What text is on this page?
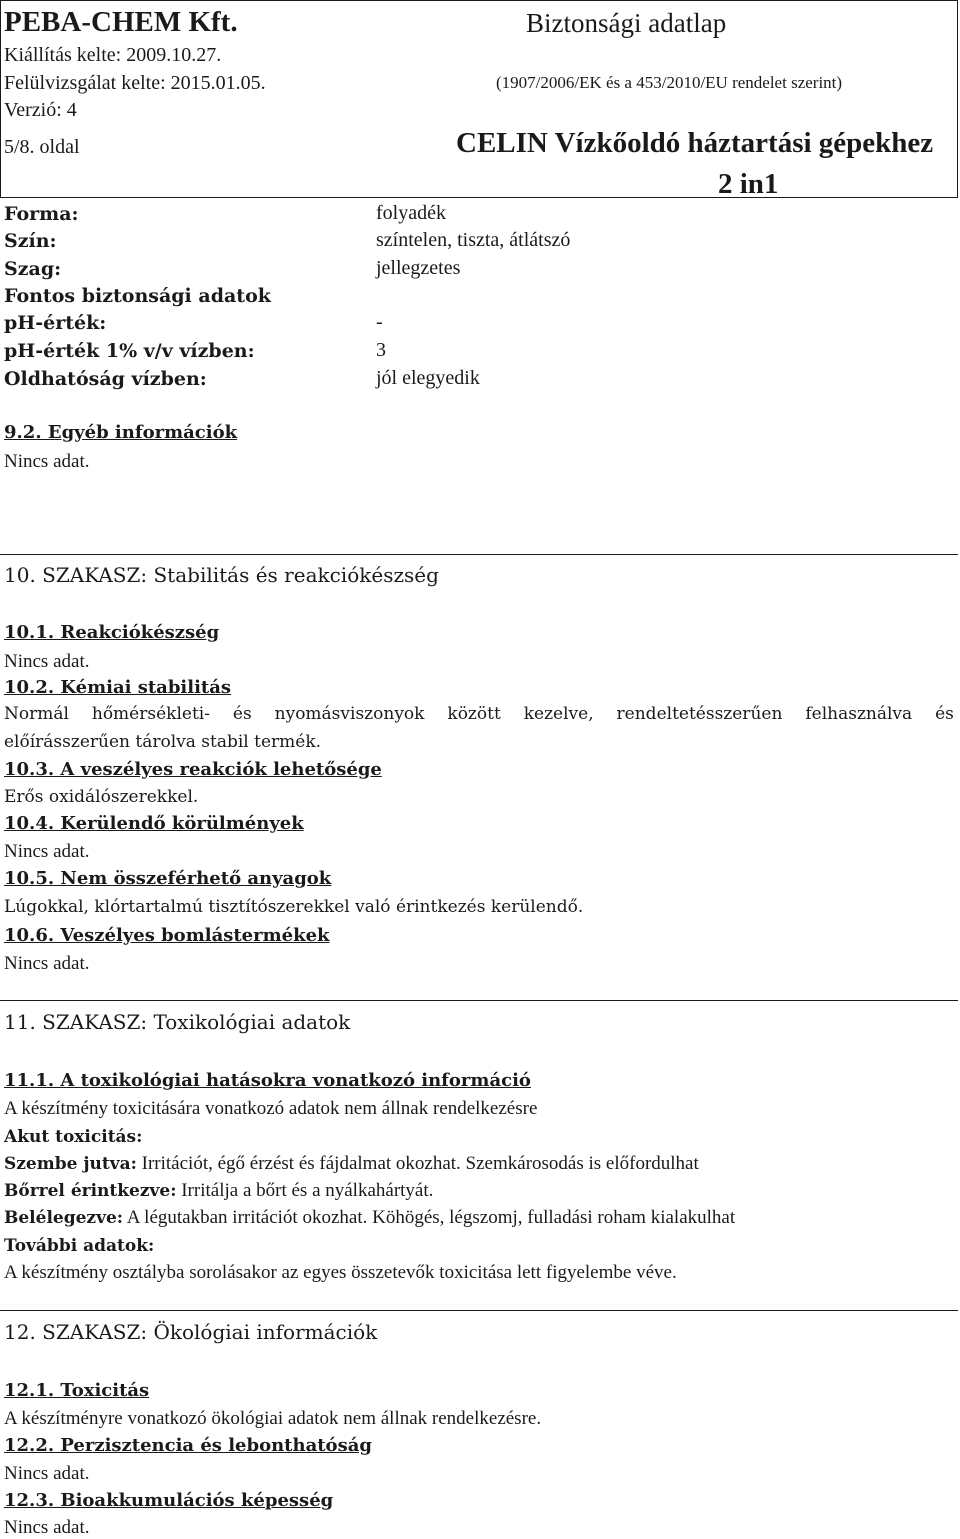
PEBA-CHEM Kft.
Kiállítás kelte: 2009.10.27.
Felülvizsgálat kelte: 2015.01.05.
Verzió: 4
5/8. oldal
Biztonsági adatlap
(1907/2006/EK és a 453/2010/EU rendelet szerint)
CELIN Vízkőoldó háztartási gépekhez
2 in1
Forma:	folyadék
Szín:	színtelen, tiszta, átlátszó
Szag:	jellegzetes
Fontos biztonsági adatok
pH-érték:	-
pH-érték 1% v/v vízben:	3
Oldhatóság vízben:	jól elegyedik
9.2. Egyéb információk
Nincs adat.
10. SZAKASZ: Stabilitás és reakciókészség
10.1. Reakciókészség
Nincs adat.
10.2. Kémiai stabilitás
Normál hőmérsékleti- és nyomásviszonyok között kezelve, rendeltetésszerűen felhasználva és
előírásszerűen tárolva stabil termék.
10.3. A veszélyes reakciók lehetősége
Erős oxidálószerekkel.
10.4. Kerülendő körülmények
Nincs adat.
10.5. Nem összeférhető anyagok
Lúgokkal, klórtartalmú tisztítószerekkel való érintkezés kerülendő.
10.6. Veszélyes bomlástermékek
Nincs adat.
11. SZAKASZ: Toxikológiai adatok
11.1. A toxikológiai hatásokra vonatkozó információ
A készítmény toxicitására vonatkozó adatok nem állnak rendelkezésre
Akut toxicitás:
Szembe jutva: Irritációt, égő érzést és fájdalmat okozhat. Szemkárosodás is előfordulhat
Bőrrel érintkezve: Irritálja a bőrt és a nyálkahártyát.
Belélegezve: A légutakban irritációt okozhat. Köhögés, légszomj, fulladási roham kialakulhat
További adatok:
A készítmény osztályba sorolásakor az egyes összetevők toxicitása lett figyelembe véve.
12. SZAKASZ: Ökológiai információk
12.1. Toxicitás
A készítményre vonatkozó ökológiai adatok nem állnak rendelkezésre.
12.2. Perzisztencia és lebonthatóság
Nincs adat.
12.3. Bioakkumulációs képesség
Nincs adat.
